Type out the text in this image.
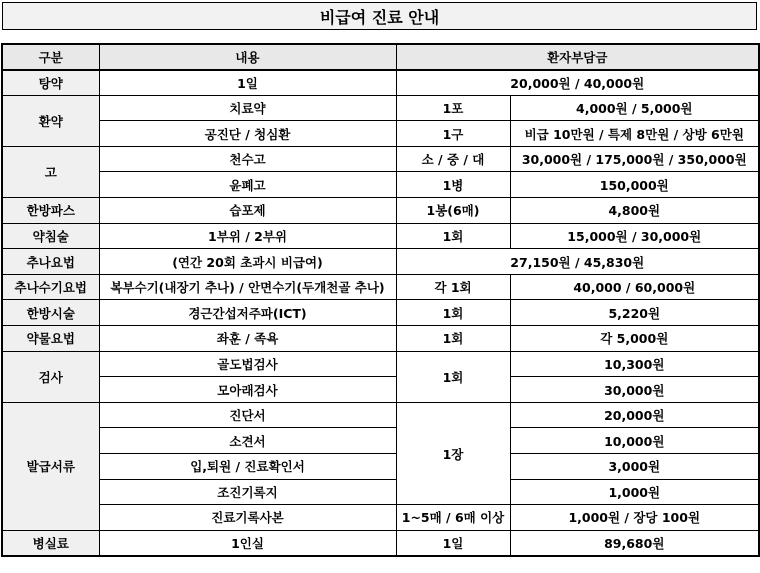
비급여 진료 안내
구분	내용	환자부담금	
탕약	1일	20,000원 / 40,000원	
환약	치료약	1포	4,000원 / 5,000원
	공진단 / 청심환	1구	비급 10만원 / 특제 8만원 / 상방 6만원
고	천수고	소 / 중 / 대	30,000원 / 175,000원 / 350,000원
	윤폐고	1병	150,000원
한방파스	습포제	1봉(6매)	4,800원
약침술	1부위 / 2부위	1회	15,000원 / 30,000원
추나요법	(연간 20회 초과시 비급여)	27,150원 / 45,830원	
추나수기요법	복부수기(내장기 추나) / 안면수기(두개천골 추나)	각 1회	40,000 / 60,000원
한방시술	경근간섭저주파(ICT)	1회	5,220원
약물요법	좌훈 / 족욕	1회	각 5,000원
검사	골도법검사	1회	10,300원
	모아래검사		30,000원
발급서류	진단서	1장	20,000원
	소견서		10,000원
	입,퇴원 / 진료확인서		3,000원
	조진기록지		1,000원
	진료기록사본	1~5매 / 6매 이상	1,000원 / 장당 100원
병실료	1인실	1일	89,680원
